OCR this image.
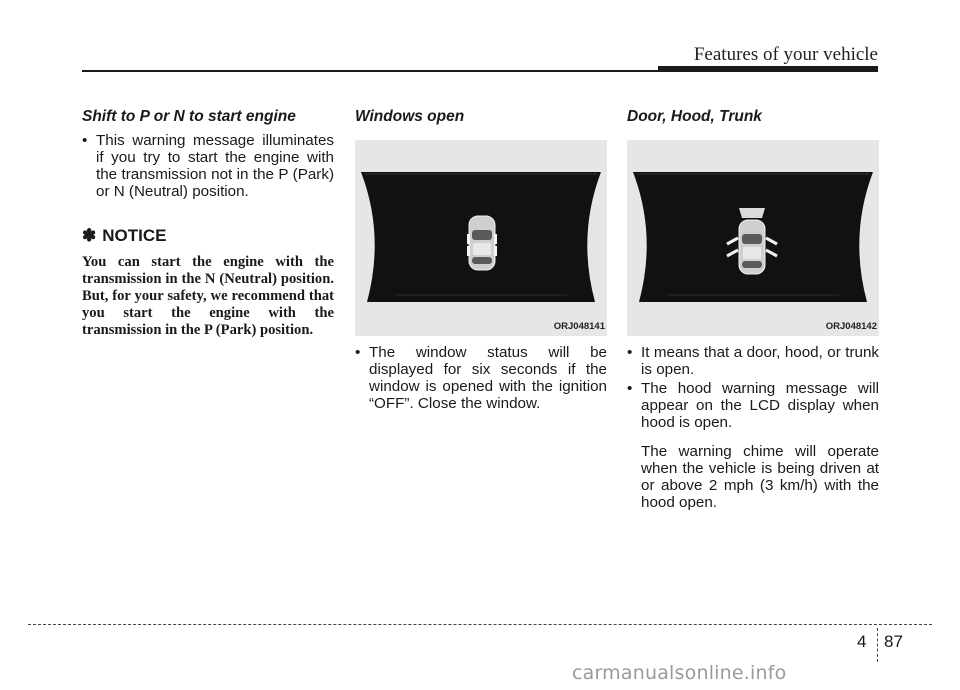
Features of your vehicle
Shift to P or N to start engine
• This warning message illuminates if you try to start the engine with the transmission not in the P (Park) or N (Neutral) position.
✽ NOTICE
You can start the engine with the transmission in the N (Neutral) position. But, for your safety, we recommend that you start the engine with the transmission in the P (Park) position.
Windows open
ORJ048141
• The window status will be displayed for six seconds if the window is opened with the ignition “OFF”. Close the window.
Door, Hood, Trunk
ORJ048142
• It means that a door, hood, or trunk is open.
• The hood warning message will appear on the LCD display when hood is open.
The warning chime will operate when the vehicle is being driven at or above 2 mph (3 km/h) with the hood open.
4 87
carmanualsonline.info
